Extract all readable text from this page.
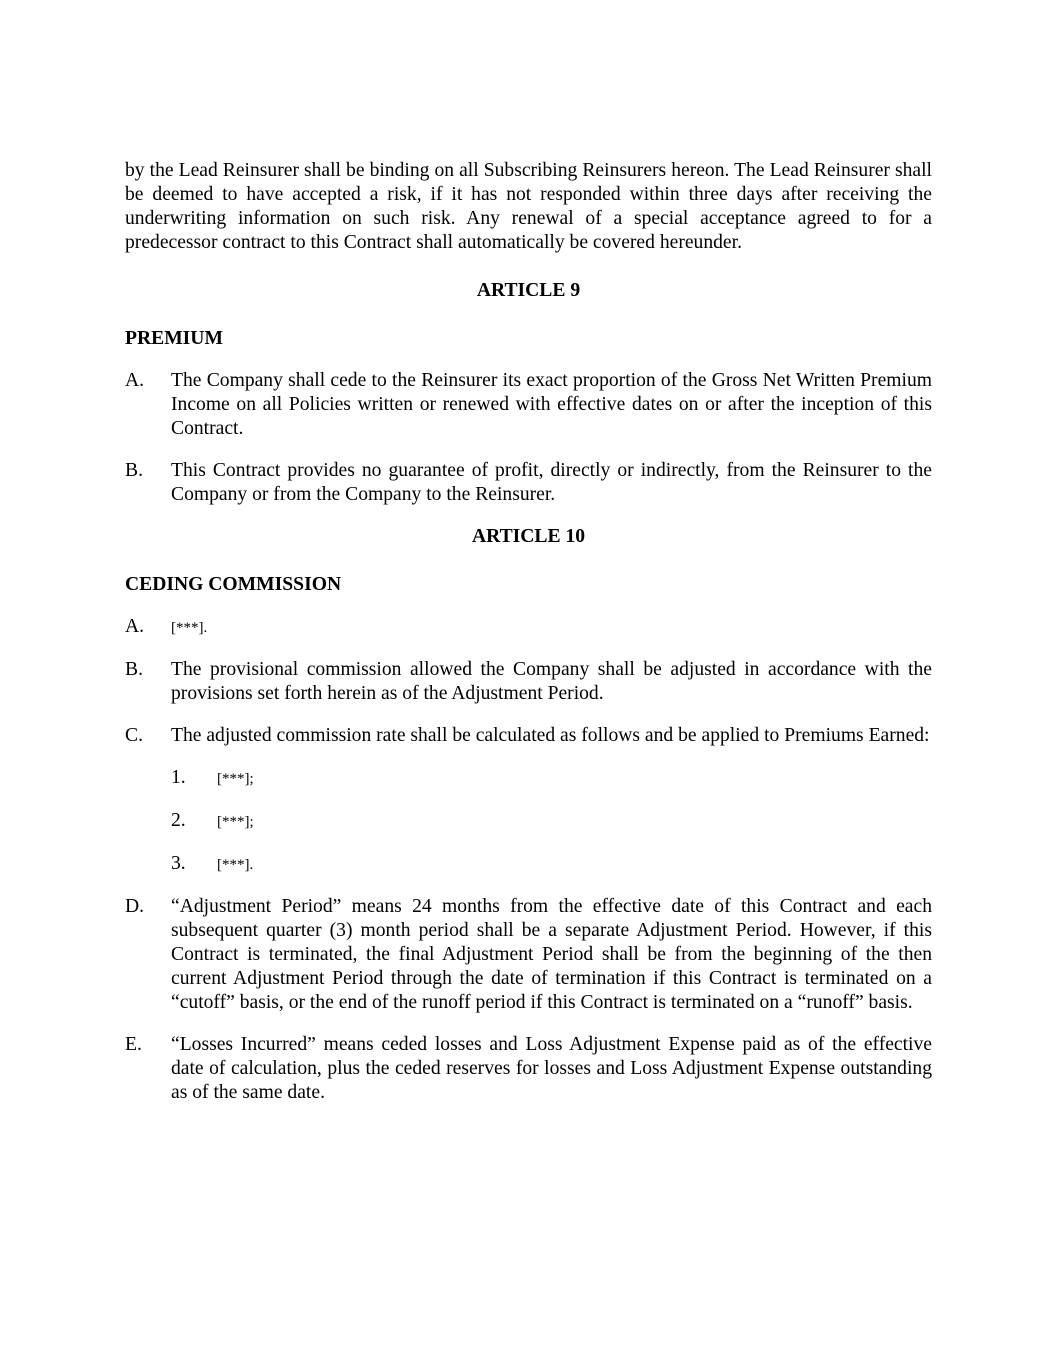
by the Lead Reinsurer shall be binding on all Subscribing Reinsurers hereon. The Lead Reinsurer shall be deemed to have accepted a risk, if it has not responded within three days after receiving the underwriting information on such risk. Any renewal of a special acceptance agreed to for a predecessor contract to this Contract shall automatically be covered hereunder.

ARTICLE 9

PREMIUM

A. The Company shall cede to the Reinsurer its exact proportion of the Gross Net Written Premium Income on all Policies written or renewed with effective dates on or after the inception of this Contract.
B. This Contract provides no guarantee of profit, directly or indirectly, from the Reinsurer to the Company or from the Company to the Reinsurer.

ARTICLE 10

CEDING COMMISSION

A. [***].
B. The provisional commission allowed the Company shall be adjusted in accordance with the provisions set forth herein as of the Adjustment Period.
C. The adjusted commission rate shall be calculated as follows and be applied to Premiums Earned:
1. [***];
2. [***];
3. [***].
D. “Adjustment Period” means 24 months from the effective date of this Contract and each subsequent quarter (3) month period shall be a separate Adjustment Period. However, if this Contract is terminated, the final Adjustment Period shall be from the beginning of the then current Adjustment Period through the date of termination if this Contract is terminated on a “cutoff” basis, or the end of the runoff period if this Contract is terminated on a “runoff” basis.
E. “Losses Incurred” means ceded losses and Loss Adjustment Expense paid as of the effective date of calculation, plus the ceded reserves for losses and Loss Adjustment Expense outstanding as of the same date.
